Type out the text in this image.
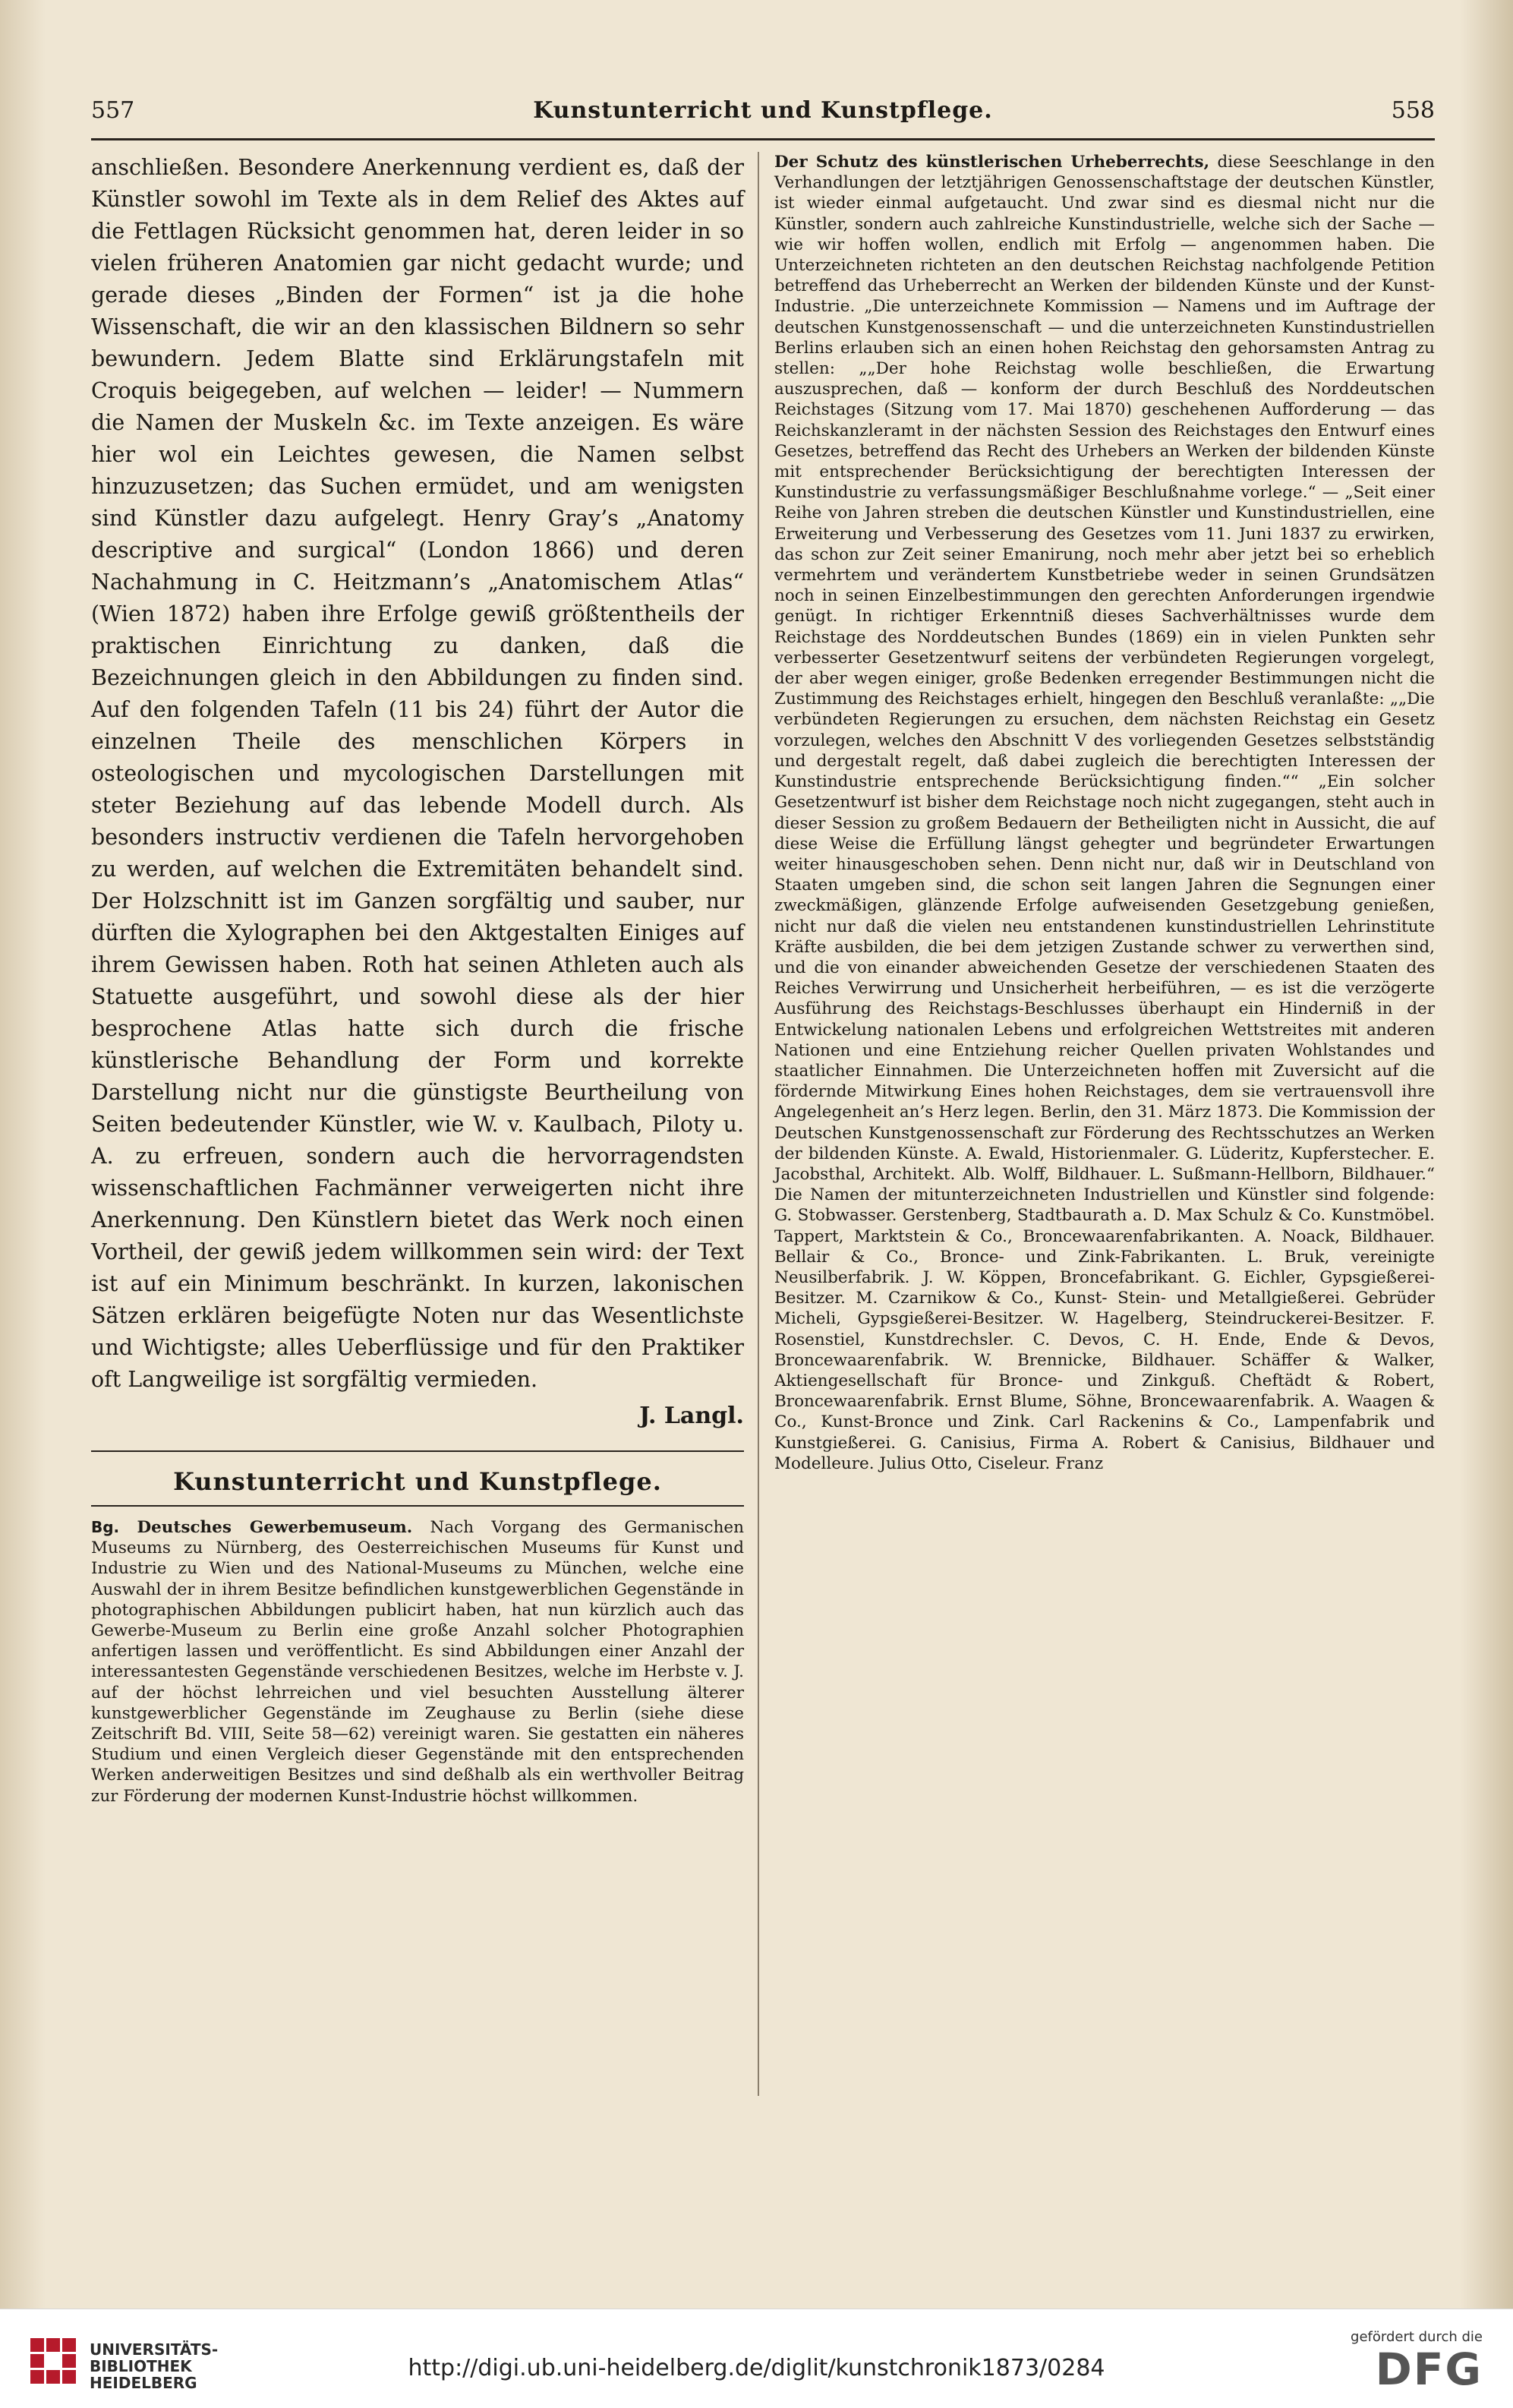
557	Kunstunterricht und Kunstpflege.	558

anschließen. Besondere Anerkennung verdient es, daß der Künstler sowohl im Texte als in dem Relief des Aktes auf die Fettlagen Rücksicht genommen hat, deren leider in so vielen früheren Anatomien gar nicht gedacht wurde; und gerade dieses „Binden der Formen“ ist ja die hohe Wissenschaft, die wir an den klassischen Bildnern so sehr bewundern. Jedem Blatte sind Erklärungstafeln mit Croquis beigegeben, auf welchen — leider! — Nummern die Namen der Muskeln &c. im Texte anzeigen. Es wäre hier wol ein Leichtes gewesen, die Namen selbst hinzuzusetzen; das Suchen ermüdet, und am wenigsten sind Künstler dazu aufgelegt. Henry Gray’s „Anatomy descriptive and surgical“ (London 1866) und deren Nachahmung in C. Heitzmann’s „Anatomischem Atlas“ (Wien 1872) haben ihre Erfolge gewiß größtentheils der praktischen Einrichtung zu danken, daß die Bezeichnungen gleich in den Abbildungen zu finden sind. Auf den folgenden Tafeln (11 bis 24) führt der Autor die einzelnen Theile des menschlichen Körpers in osteologischen und mycologischen Darstellungen mit steter Beziehung auf das lebende Modell durch. Als besonders instructiv verdienen die Tafeln hervorgehoben zu werden, auf welchen die Extremitäten behandelt sind. Der Holzschnitt ist im Ganzen sorgfältig und sauber, nur dürften die Xylographen bei den Aktgestalten Einiges auf ihrem Gewissen haben. Roth hat seinen Athleten auch als Statuette ausgeführt, und sowohl diese als der hier besprochene Atlas hatte sich durch die frische künstlerische Behandlung der Form und korrekte Darstellung nicht nur die günstigste Beurtheilung von Seiten bedeutender Künstler, wie W. v. Kaulbach, Piloty u. A. zu erfreuen, sondern auch die hervorragendsten wissenschaftlichen Fachmänner verweigerten nicht ihre Anerkennung. Den Künstlern bietet das Werk noch einen Vortheil, der gewiß jedem willkommen sein wird: der Text ist auf ein Minimum beschränkt. In kurzen, lakonischen Sätzen erklären beigefügte Noten nur das Wesentlichste und Wichtigste; alles Ueberflüssige und für den Praktiker oft Langweilige ist sorgfältig vermieden.

J. Langl.

Kunstunterricht und Kunstpflege.

Bg. Deutsches Gewerbemuseum. Nach Vorgang des Germanischen Museums zu Nürnberg, des Oesterreichischen Museums für Kunst und Industrie zu Wien und des National-Museums zu München, welche eine Auswahl der in ihrem Besitze befindlichen kunstgewerblichen Gegenstände in photographischen Abbildungen publicirt haben, hat nun kürzlich auch das Gewerbe-Museum zu Berlin eine große Anzahl solcher Photographien anfertigen lassen und veröffentlicht. Es sind Abbildungen einer Anzahl der interessantesten Gegenstände verschiedenen Besitzes, welche im Herbste v. J. auf der höchst lehrreichen und viel besuchten Ausstellung älterer kunstgewerblicher Gegenstände im Zeughause zu Berlin (siehe diese Zeitschrift Bd. VIII, Seite 58—62) vereinigt waren. Sie gestatten ein näheres Studium und einen Vergleich dieser Gegenstände mit den entsprechenden Werken anderweitigen Besitzes und sind deßhalb als ein werthvoller Beitrag zur Förderung der modernen Kunst-Industrie höchst willkommen.

Der Schutz des künstlerischen Urheberrechts, diese Seeschlange in den Verhandlungen der letztjährigen Genossenschaftstage der deutschen Künstler, ist wieder einmal aufgetaucht. Und zwar sind es diesmal nicht nur die Künstler, sondern auch zahlreiche Kunstindustrielle, welche sich der Sache — wie wir hoffen wollen, endlich mit Erfolg — angenommen haben. Die Unterzeichneten richteten an den deutschen Reichstag nachfolgende Petition betreffend das Urheberrecht an Werken der bildenden Künste und der Kunst-Industrie. „Die unterzeichnete Kommission — Namens und im Auftrage der deutschen Kunstgenossenschaft — und die unterzeichneten Kunstindustriellen Berlins erlauben sich an einen hohen Reichstag den gehorsamsten Antrag zu stellen: „„Der hohe Reichstag wolle beschließen, die Erwartung auszusprechen, daß — konform der durch Beschluß des Norddeutschen Reichstages (Sitzung vom 17. Mai 1870) geschehenen Aufforderung — das Reichskanzleramt in der nächsten Session des Reichstages den Entwurf eines Gesetzes, betreffend das Recht des Urhebers an Werken der bildenden Künste mit entsprechender Berücksichtigung der berechtigten Interessen der Kunstindustrie zu verfassungsmäßiger Beschlußnahme vorlege.“ — „Seit einer Reihe von Jahren streben die deutschen Künstler und Kunstindustriellen, eine Erweiterung und Verbesserung des Gesetzes vom 11. Juni 1837 zu erwirken, das schon zur Zeit seiner Emanirung, noch mehr aber jetzt bei so erheblich vermehrtem und verändertem Kunstbetriebe weder in seinen Grundsätzen noch in seinen Einzelbestimmungen den gerechten Anforderungen irgendwie genügt. In richtiger Erkenntniß dieses Sachverhältnisses wurde dem Reichstage des Norddeutschen Bundes (1869) ein in vielen Punkten sehr verbesserter Gesetzentwurf seitens der verbündeten Regierungen vorgelegt, der aber wegen einiger, große Bedenken erregender Bestimmungen nicht die Zustimmung des Reichstages erhielt, hingegen den Beschluß veranlaßte: „„Die verbündeten Regierungen zu ersuchen, dem nächsten Reichstag ein Gesetz vorzulegen, welches den Abschnitt V des vorliegenden Gesetzes selbstständig und dergestalt regelt, daß dabei zugleich die berechtigten Interessen der Kunstindustrie entsprechende Berücksichtigung finden.““ „Ein solcher Gesetzentwurf ist bisher dem Reichstage noch nicht zugegangen, steht auch in dieser Session zu großem Bedauern der Betheiligten nicht in Aussicht, die auf diese Weise die Erfüllung längst gehegter und begründeter Erwartungen weiter hinausgeschoben sehen. Denn nicht nur, daß wir in Deutschland von Staaten umgeben sind, die schon seit langen Jahren die Segnungen einer zweckmäßigen, glänzende Erfolge aufweisenden Gesetzgebung genießen, nicht nur daß die vielen neu entstandenen kunstindustriellen Lehrinstitute Kräfte ausbilden, die bei dem jetzigen Zustande schwer zu verwerthen sind, und die von einander abweichenden Gesetze der verschiedenen Staaten des Reiches Verwirrung und Unsicherheit herbeiführen, — es ist die verzögerte Ausführung des Reichstags-Beschlusses überhaupt ein Hinderniß in der Entwickelung nationalen Lebens und erfolgreichen Wettstreites mit anderen Nationen und eine Entziehung reicher Quellen privaten Wohlstandes und staatlicher Einnahmen. Die Unterzeichneten hoffen mit Zuversicht auf die fördernde Mitwirkung Eines hohen Reichstages, dem sie vertrauensvoll ihre Angelegenheit an’s Herz legen. Berlin, den 31. März 1873. Die Kommission der Deutschen Kunstgenossenschaft zur Förderung des Rechtsschutzes an Werken der bildenden Künste. A. Ewald, Historienmaler. G. Lüderitz, Kupferstecher. E. Jacobsthal, Architekt. Alb. Wolff, Bildhauer. L. Sußmann-Hellborn, Bildhauer.“ Die Namen der mitunterzeichneten Industriellen und Künstler sind folgende: G. Stobwasser. Gerstenberg, Stadtbaurath a. D. Max Schulz & Co. Kunstmöbel. Tappert, Marktstein & Co., Broncewaarenfabrikanten. A. Noack, Bildhauer. Bellair & Co., Bronce- und Zink-Fabrikanten. L. Bruk, vereinigte Neusilberfabrik. J. W. Köppen, Broncefabrikant. G. Eichler, Gypsgießerei-Besitzer. M. Czarnikow & Co., Kunst- Stein- und Metallgießerei. Gebrüder Micheli, Gypsgießerei-Besitzer. W. Hagelberg, Steindruckerei-Besitzer. F. Rosenstiel, Kunstdrechsler. C. Devos, C. H. Ende, Ende & Devos, Broncewaarenfabrik. W. Brennicke, Bildhauer. Schäffer & Walker, Aktiengesellschaft für Bronce- und Zinkguß. Cheftädt & Robert, Broncewaarenfabrik. Ernst Blume, Söhne, Broncewaarenfabrik. A. Waagen & Co., Kunst-Bronce und Zink. Carl Rackenins & Co., Lampenfabrik und Kunstgießerei. G. Canisius, Firma A. Robert & Canisius, Bildhauer und Modelleure. Julius Otto, Ciseleur. Franz

UNIVERSITÄTS-
BIBLIOTHEK
HEIDELBERG
http://digi.ub.uni-heidelberg.de/diglit/kunstchronik1873/0284
gefördert durch die
DFG
